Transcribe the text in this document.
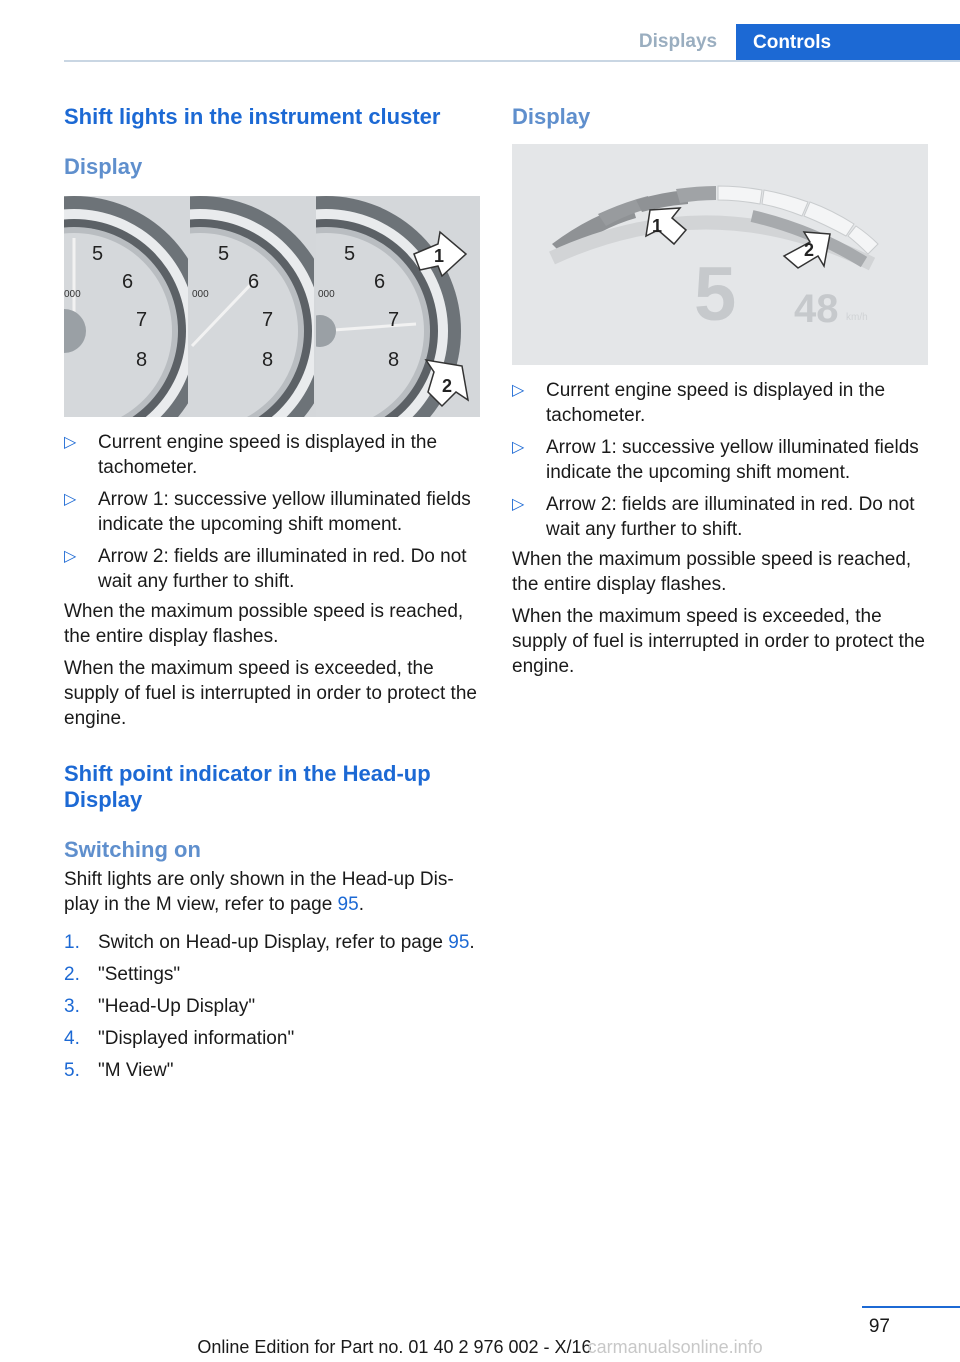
Displays	Controls
Shift lights in the instrument cluster
Display
5
6
7
8
000
5
6
7
8
000
5
6
7
8
000
1
2
▷ Current engine speed is displayed in the tachometer.
▷ Arrow 1: successive yellow illuminated fields indicate the upcoming shift moment.
▷ Arrow 2: fields are illuminated in red. Do not wait any further to shift.

When the maximum possible speed is reached, the entire display flashes.

When the maximum speed is exceeded, the supply of fuel is interrupted in order to protect the engine.

Shift point indicator in the Head-up Display
Switching on

Shift lights are only shown in the Head-up Display in the M view, refer to page 95.

1. Switch on Head-up Display, refer to page 95.
2. "Settings"
3. "Head-Up Display"
4. "Displayed information"
5. "M View"
Display
1
2
5 48 km/h
▷ Current engine speed is displayed in the tachometer.
▷ Arrow 1: successive yellow illuminated fields indicate the upcoming shift moment.
▷ Arrow 2: fields are illuminated in red. Do not wait any further to shift.

When the maximum possible speed is reached, the entire display flashes.

When the maximum speed is exceeded, the supply of fuel is interrupted in order to protect the engine.

97
Online Edition for Part no. 01 40 2 976 002 - X/16carmanualsonline.info
